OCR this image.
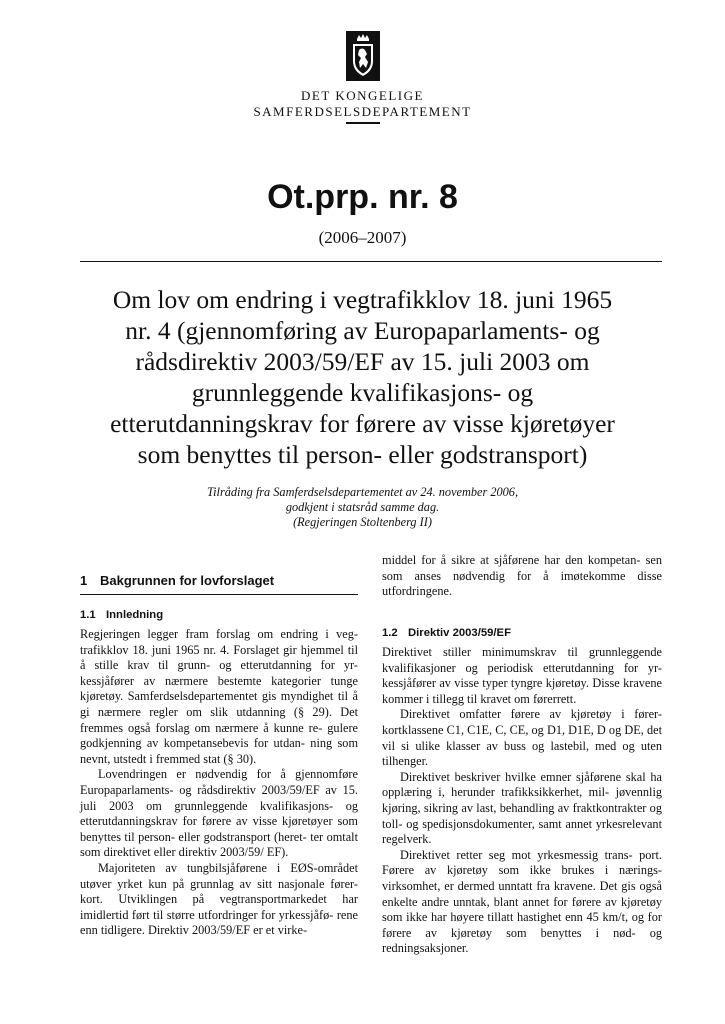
DET KONGELIGE
SAMFERDSELSDEPARTEMENT
Ot.prp. nr. 8
(2006–2007)
Om lov om endring i vegtrafikklov 18. juni 1965
nr. 4 (gjennomføring av Europaparlaments- og
rådsdirektiv 2003/59/EF av 15. juli 2003 om
grunnleggende kvalifikasjons- og
etterutdanningskrav for førere av visse kjøretøyer
som benyttes til person- eller godstransport)
Tilråding fra Samferdselsdepartementet av 24. november 2006,
godkjent i statsråd samme dag.
(Regjeringen Stoltenberg II)
1 Bakgrunnen for lovforslaget
1.1 Innledning

Regjeringen legger fram forslag om endring i veg- trafikklov 18. juni 1965 nr. 4. Forslaget gir hjemmel til å stille krav til grunn- og etterutdanning for yr- kessjåfører av nærmere bestemte kategorier tunge kjøretøy. Samferdselsdepartementet gis myndighet til å gi nærmere regler om slik utdanning (§ 29). Det fremmes også forslag om nærmere å kunne re- gulere godkjenning av kompetansebevis for utdan- ning som nevnt, utstedt i fremmed stat (§ 30).

Lovendringen er nødvendig for å gjennomføre Europaparlaments- og rådsdirektiv 2003/59/EF av 15. juli 2003 om grunnleggende kvalifikasjons- og etterutdanningskrav for førere av visse kjøretøyer som benyttes til person- eller godstransport (heret- ter omtalt som direktivet eller direktiv 2003/59/ EF).

Majoriteten av tungbilsjåførene i EØS-området utøver yrket kun på grunnlag av sitt nasjonale fører- kort. Utviklingen på vegtransportmarkedet har imidlertid ført til større utfordringer for yrkessjåfø- rene enn tidligere. Direktiv 2003/59/EF er et virke-

middel for å sikre at sjåførene har den kompetan- sen som anses nødvendig for å imøtekomme disse utfordringene.

1.2 Direktiv 2003/59/EF

Direktivet stiller minimumskrav til grunnleggende kvalifikasjoner og periodisk etterutdanning for yr- kessjåfører av visse typer tyngre kjøretøy. Disse kravene kommer i tillegg til kravet om førerrett.

Direktivet omfatter førere av kjøretøy i fører- kortklassene C1, C1E, C, CE, og D1, D1E, D og DE, det vil si ulike klasser av buss og lastebil, med og uten tilhenger.

Direktivet beskriver hvilke emner sjåførene skal ha opplæring i, herunder trafikksikkerhet, mil- jøvennlig kjøring, sikring av last, behandling av fraktkontrakter og toll- og spedisjonsdokumenter, samt annet yrkesrelevant regelverk.

Direktivet retter seg mot yrkesmessig trans- port. Førere av kjøretøy som ikke brukes i nærings- virksomhet, er dermed unntatt fra kravene. Det gis også enkelte andre unntak, blant annet for førere av kjøretøy som ikke har høyere tillatt hastighet enn 45 km/t, og for førere av kjøretøy som benyttes i nød- og redningsaksjoner.
